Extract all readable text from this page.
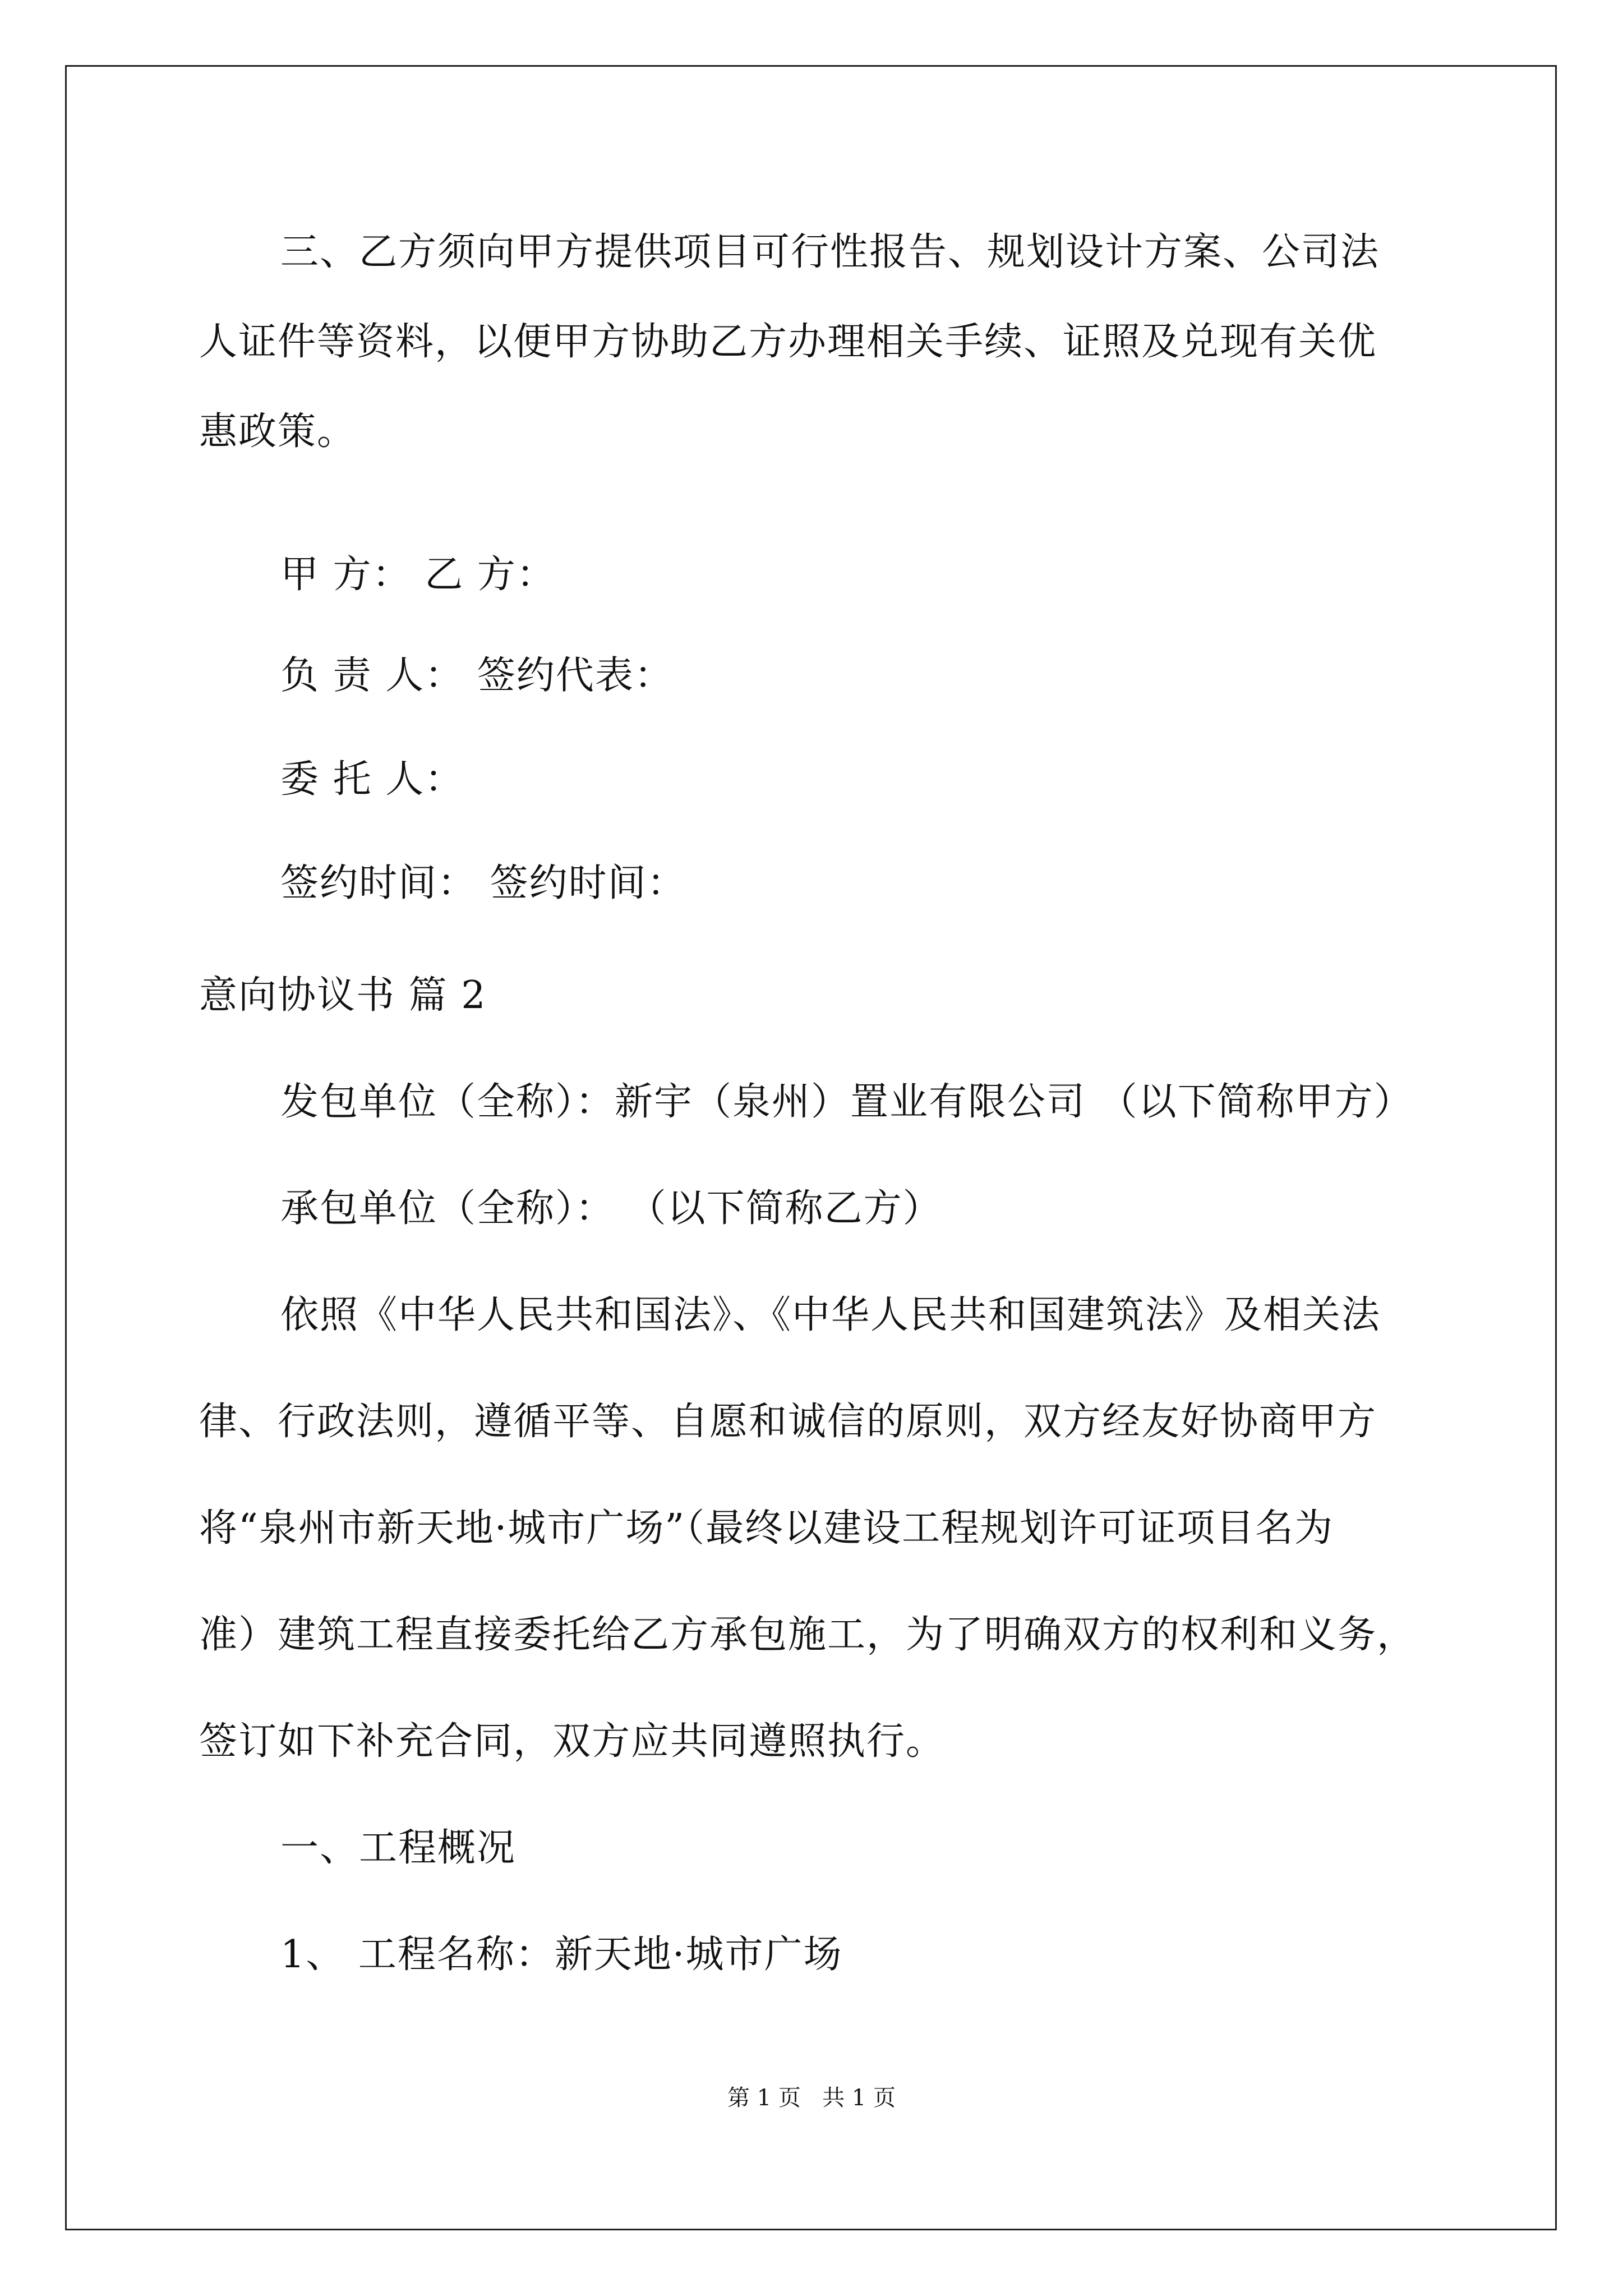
三、乙方须向甲方提供项目可行性报告、规划设计方案、公司法
人证件等资料，以便甲方协助乙方办理相关手续、证照及兑现有关优
惠政策。
甲 方： 乙 方：
负 责 人： 签约代表：
委 托 人：
签约时间： 签约时间：
意向协议书 篇 2
发包单位（全称）：新宇（泉州）置业有限公司 （以下简称甲方）
承包单位（全称）： （以下简称乙方）
依照《中华人民共和国法》、《中华人民共和国建筑法》及相关法
律、行政法则，遵循平等、自愿和诚信的原则，双方经友好协商甲方
将“泉州市新天地·城市广场”（最终以建设工程规划许可证项目名为
准）建筑工程直接委托给乙方承包施工，为了明确双方的权利和义务，
签订如下补充合同，双方应共同遵照执行。
一、工程概况
1、 工程名称：新天地·城市广场
第 1 页 共 1 页
